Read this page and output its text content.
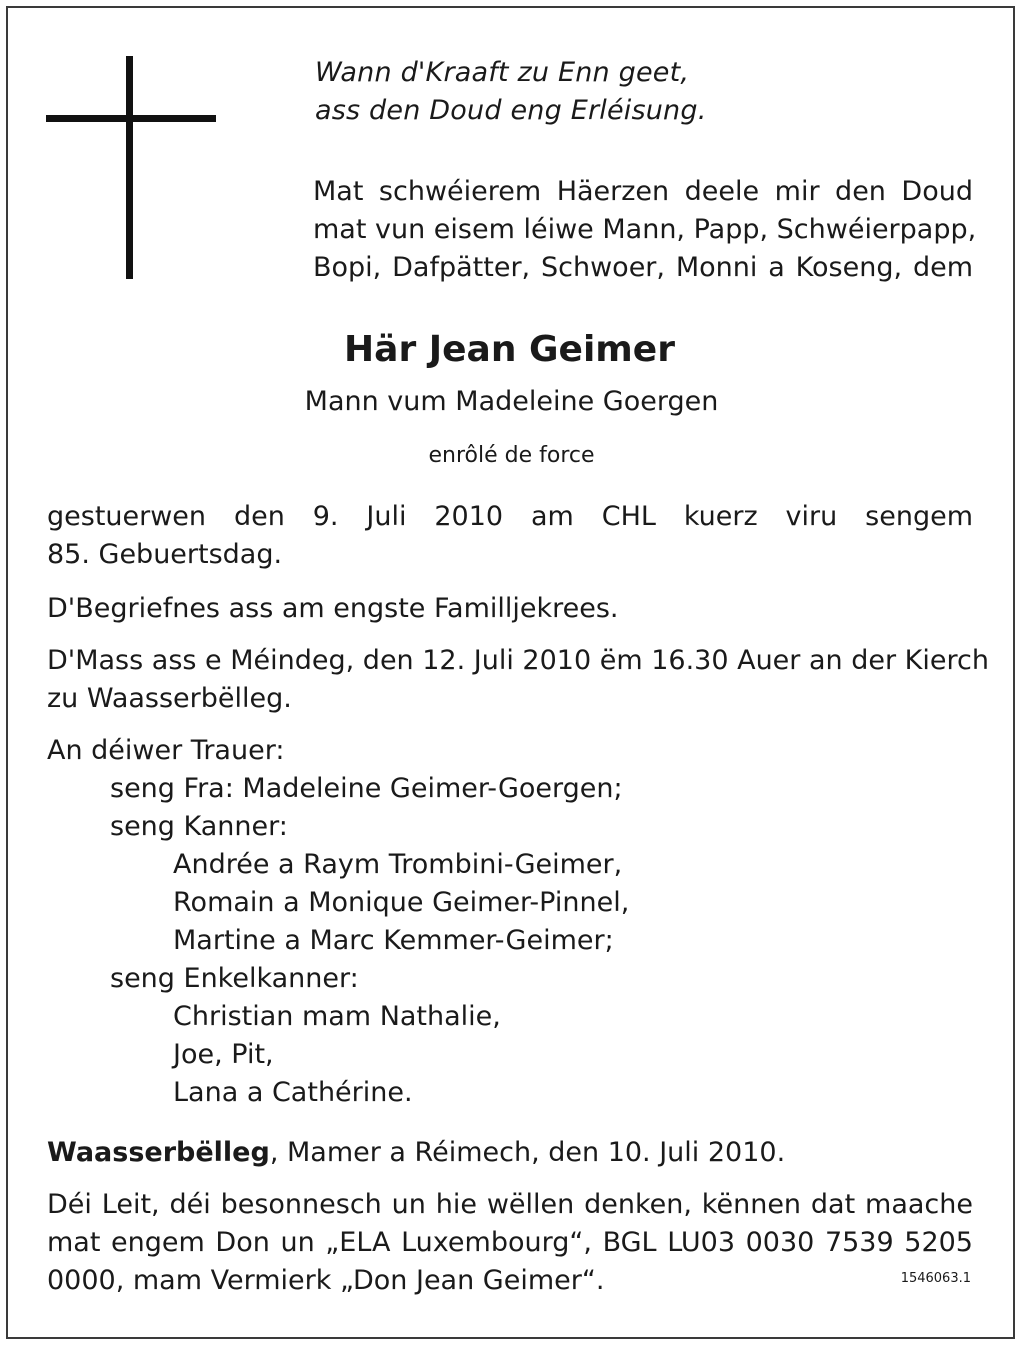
Wann d'Kraaft zu Enn geet,
ass den Doud eng Erléisung.
Mat schwéierem Häerzen deele mir den Doud
mat vun eisem léiwe Mann, Papp, Schwéierpapp,
Bopi, Dafpätter, Schwoer, Monni a Koseng, dem
Här Jean Geimer
Mann vum Madeleine Goergen
enrôlé de force
gestuerwen den 9. Juli 2010 am CHL kuerz viru sengem
85. Gebuertsdag.
D'Begriefnes ass am engste Familljekrees.
D'Mass ass e Méindeg, den 12. Juli 2010 ëm 16.30 Auer an der Kierch
zu Waasserbëlleg.
An déiwer Trauer:
seng Fra: Madeleine Geimer-Goergen;
seng Kanner:
Andrée a Raym Trombini-Geimer,
Romain a Monique Geimer-Pinnel,
Martine a Marc Kemmer-Geimer;
seng Enkelkanner:
Christian mam Nathalie,
Joe, Pit,
Lana a Cathérine.
Waasserbëlleg, Mamer a Réimech, den 10. Juli 2010.
Déi Leit, déi besonnesch un hie wëllen denken, kënnen dat maache
mat engem Don un „ELA Luxembourg“, BGL LU03 0030 7539 5205
0000, mam Vermierk „Don Jean Geimer“.	1546063.1
